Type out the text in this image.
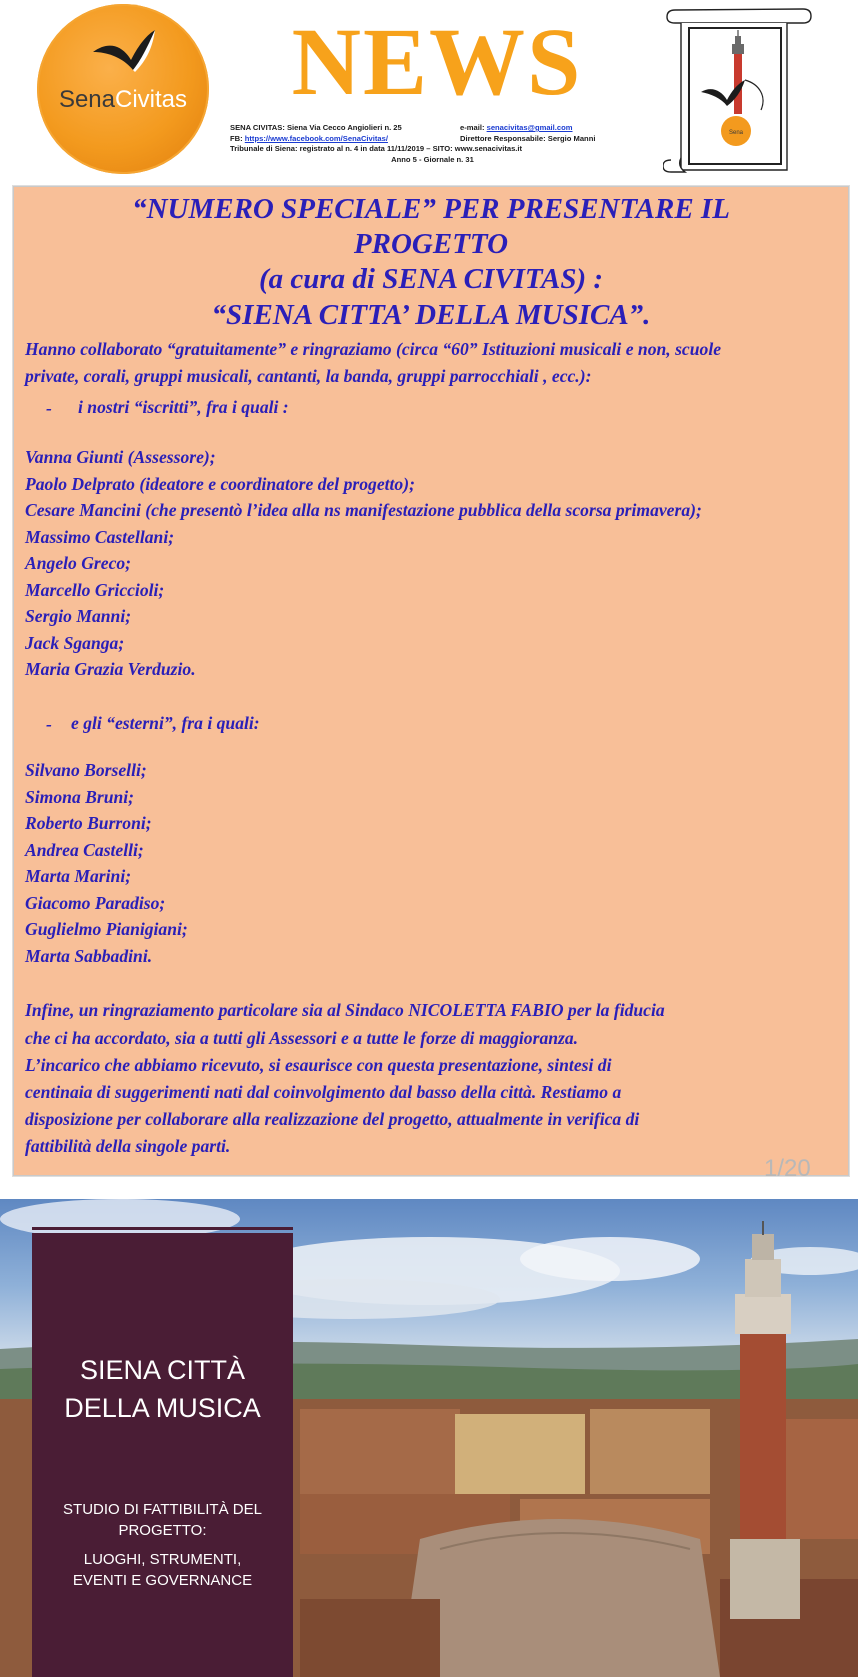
SenaCivitas	NEWS
SENA CIVITAS: Siena Via Cecco Angiolieri n. 25	e-mail: senacivitas@gmail.com
FB: https://www.facebook.com/SenaCivitas/	Direttore Responsabile: Sergio Manni
Tribunale di Siena: registrato al n. 4 in data 11/11/2019 – SITO: www.senacivitas.it
Anno 5 - Giornale n. 31
Sena
“NUMERO SPECIALE” PER PRESENTARE IL
PROGETTO
(a cura di SENA CIVITAS) :
“SIENA CITTA’ DELLA MUSICA”.
Hanno collaborato “gratuitamente” e ringraziamo (circa “60” Istituzioni musicali e non, scuole
private, corali, gruppi musicali, cantanti, la banda, gruppi parrocchiali , ecc.):
- i nostri “iscritti”, fra i quali :
Vanna Giunti (Assessore);
Paolo Delprato (ideatore e coordinatore del progetto);
Cesare Mancini (che presentò l’idea alla ns manifestazione pubblica della scorsa primavera);
Massimo Castellani;
Angelo Greco;
Marcello Griccioli;
Sergio Manni;
Jack Sganga;
Maria Grazia Verduzio.
- e gli “esterni”, fra i quali:
Silvano Borselli;
Simona Bruni;
Roberto Burroni;
Andrea Castelli;
Marta Marini;
Giacomo Paradiso;
Guglielmo Pianigiani;
Marta Sabbadini.
Infine, un ringraziamento particolare sia al Sindaco NICOLETTA FABIO per la fiducia
che ci ha accordato, sia a tutti gli Assessori e a tutte le forze di maggioranza.
L’incarico che abbiamo ricevuto, si esaurisce con questa presentazione, sintesi di
centinaia di suggerimenti nati dal coinvolgimento dal basso della città. Restiamo a
disposizione per collaborare alla realizzazione del progetto, attualmente in verifica di
fattibilità della singole parti.
1/20
SIENA CITTÀ
DELLA MUSICA
STUDIO DI FATTIBILITÀ DEL
PROGETTO:
LUOGHI, STRUMENTI,
EVENTI E GOVERNANCE
